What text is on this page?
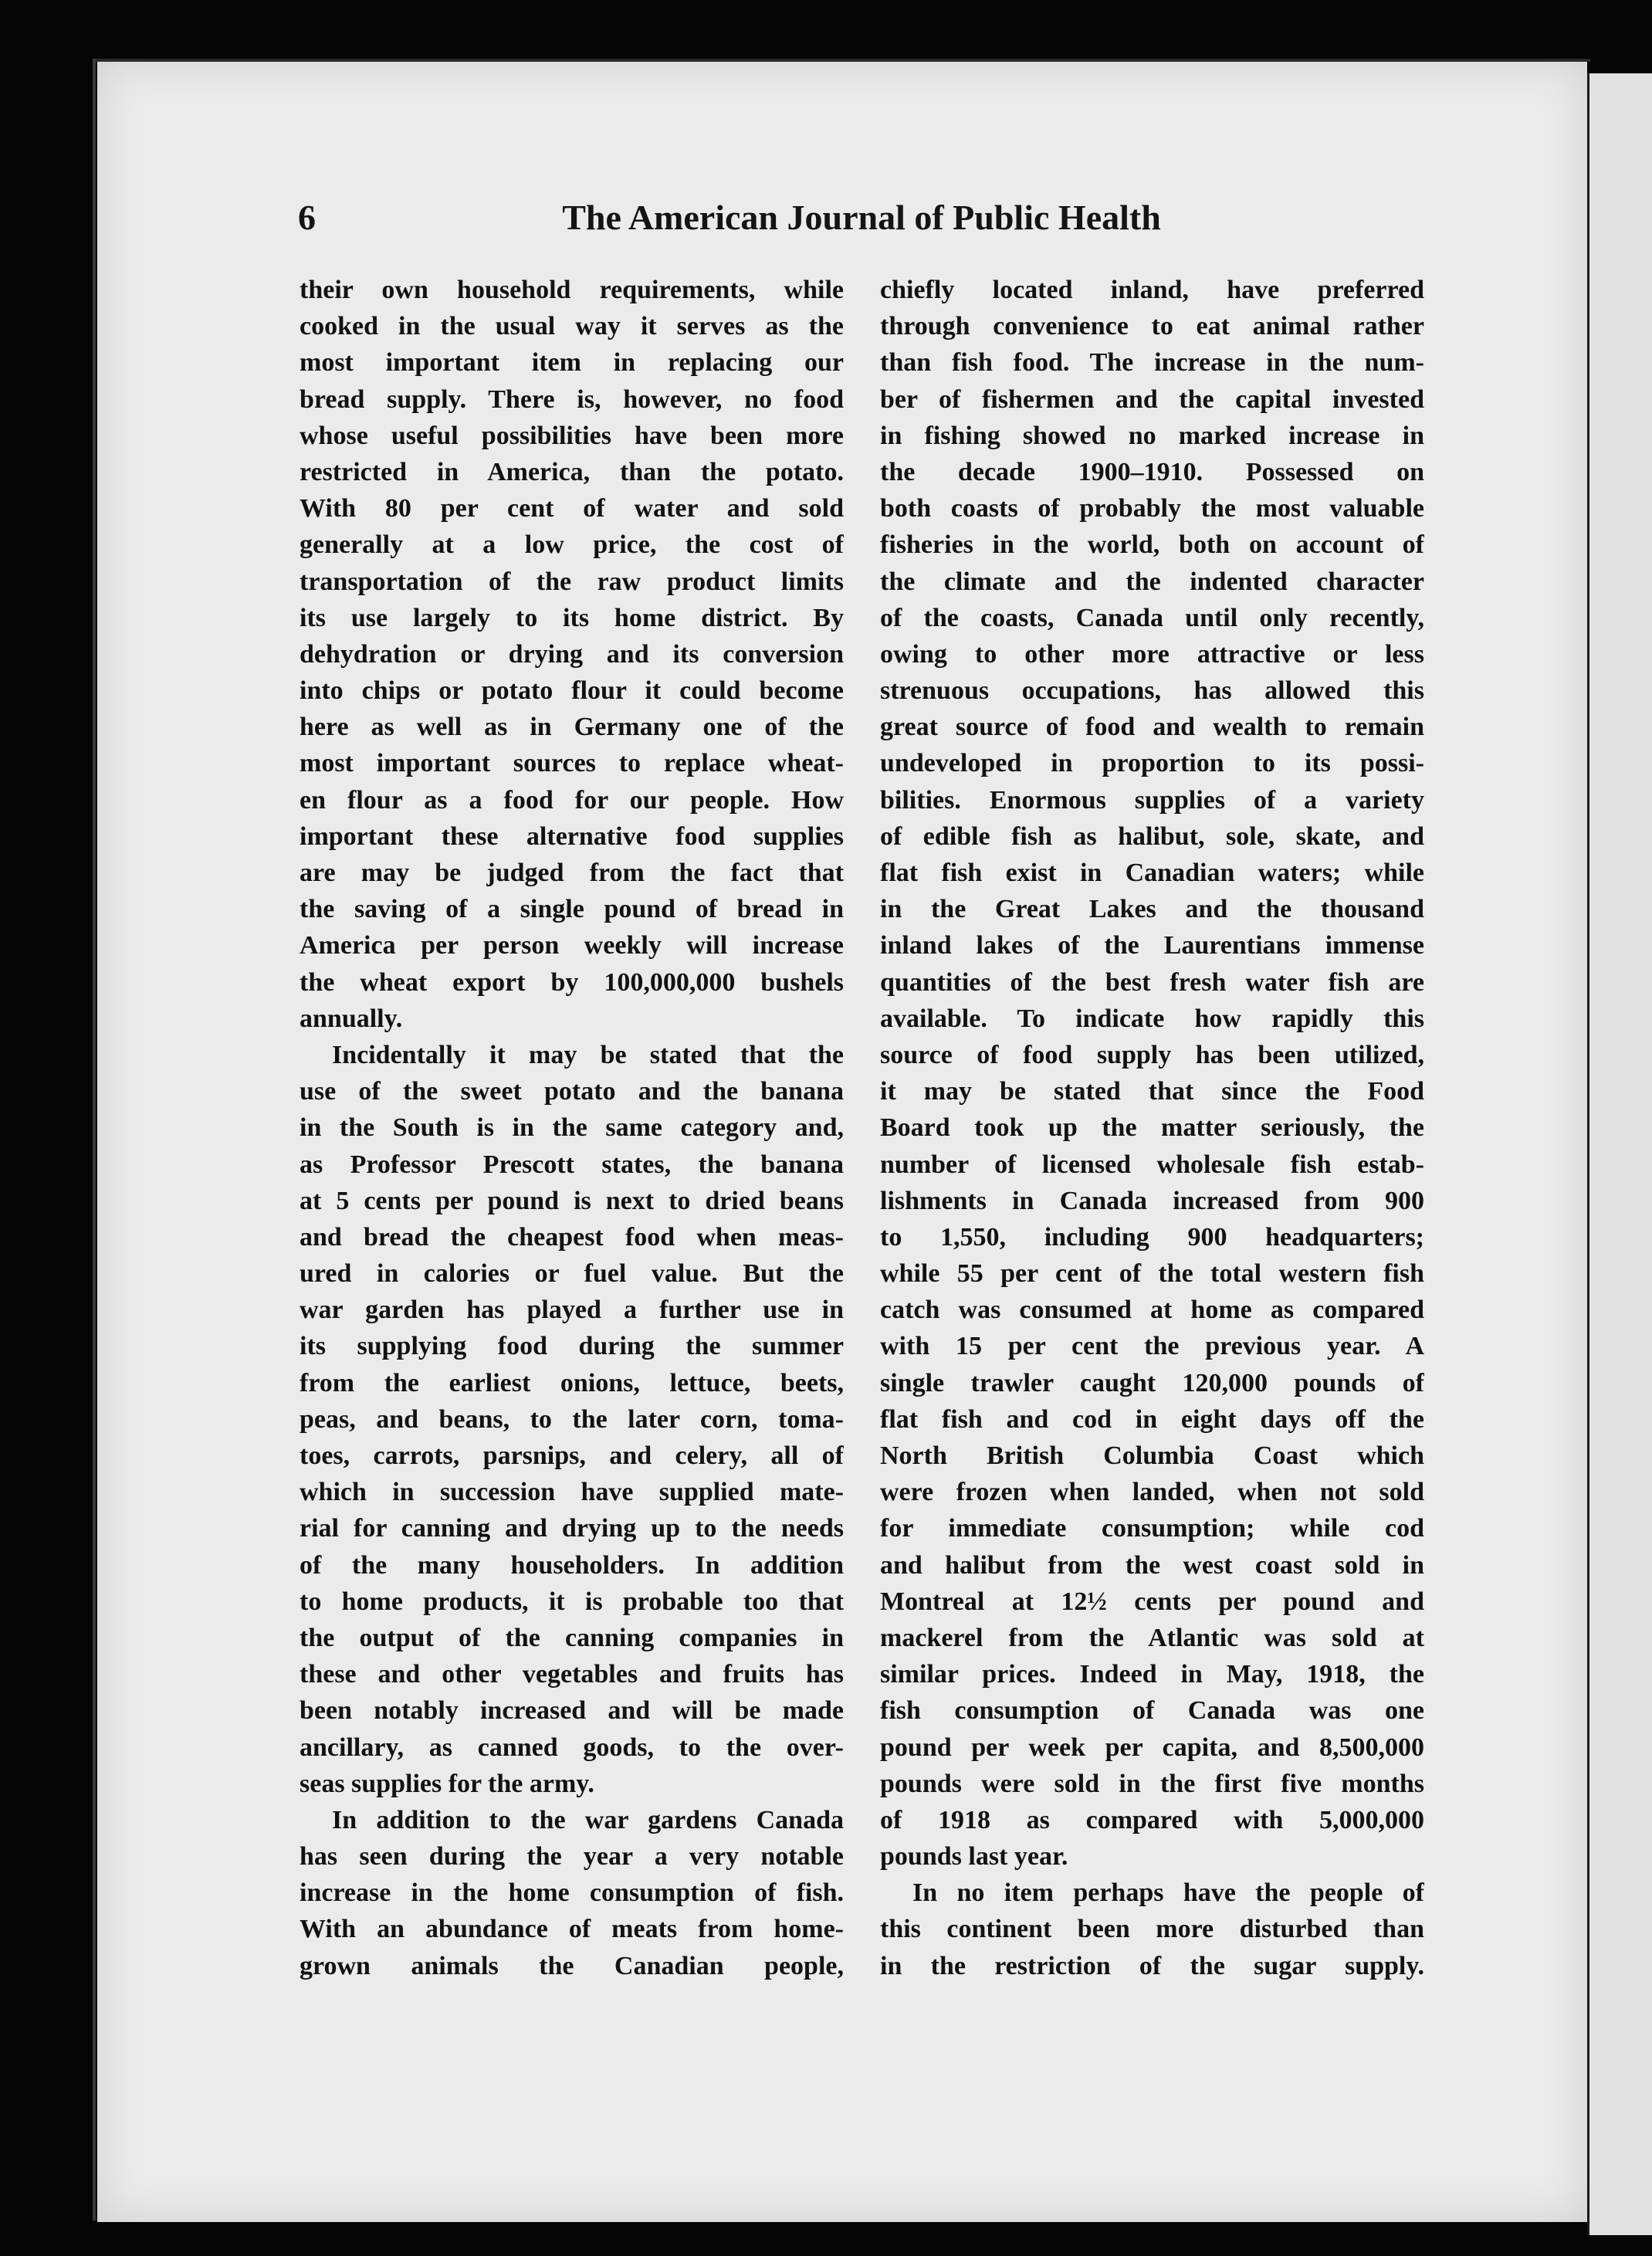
6	The American Journal of Public Health
their own household requirements, while
cooked in the usual way it serves as the
most important item in replacing our
bread supply. There is, however, no food
whose useful possibilities have been more
restricted in America, than the potato.
With 80 per cent of water and sold
generally at a low price, the cost of
transportation of the raw product limits
its use largely to its home district. By
dehydration or drying and its conversion
into chips or potato flour it could become
here as well as in Germany one of the
most important sources to replace wheat-
en flour as a food for our people. How
important these alternative food supplies
are may be judged from the fact that
the saving of a single pound of bread in
America per person weekly will increase
the wheat export by 100,000,000 bushels
annually.
Incidentally it may be stated that the
use of the sweet potato and the banana
in the South is in the same category and,
as Professor Prescott states, the banana
at 5 cents per pound is next to dried beans
and bread the cheapest food when meas-
ured in calories or fuel value. But the
war garden has played a further use in
its supplying food during the summer
from the earliest onions, lettuce, beets,
peas, and beans, to the later corn, toma-
toes, carrots, parsnips, and celery, all of
which in succession have supplied mate-
rial for canning and drying up to the needs
of the many householders. In addition
to home products, it is probable too that
the output of the canning companies in
these and other vegetables and fruits has
been notably increased and will be made
ancillary, as canned goods, to the over-
seas supplies for the army.
In addition to the war gardens Canada
has seen during the year a very notable
increase in the home consumption of fish.
With an abundance of meats from home-
grown animals the Canadian people,
chiefly located inland, have preferred
through convenience to eat animal rather
than fish food. The increase in the num-
ber of fishermen and the capital invested
in fishing showed no marked increase in
the decade 1900–1910. Possessed on
both coasts of probably the most valuable
fisheries in the world, both on account of
the climate and the indented character
of the coasts, Canada until only recently,
owing to other more attractive or less
strenuous occupations, has allowed this
great source of food and wealth to remain
undeveloped in proportion to its possi-
bilities. Enormous supplies of a variety
of edible fish as halibut, sole, skate, and
flat fish exist in Canadian waters; while
in the Great Lakes and the thousand
inland lakes of the Laurentians immense
quantities of the best fresh water fish are
available. To indicate how rapidly this
source of food supply has been utilized,
it may be stated that since the Food
Board took up the matter seriously, the
number of licensed wholesale fish estab-
lishments in Canada increased from 900
to 1,550, including 900 headquarters;
while 55 per cent of the total western fish
catch was consumed at home as compared
with 15 per cent the previous year. A
single trawler caught 120,000 pounds of
flat fish and cod in eight days off the
North British Columbia Coast which
were frozen when landed, when not sold
for immediate consumption; while cod
and halibut from the west coast sold in
Montreal at 12½ cents per pound and
mackerel from the Atlantic was sold at
similar prices. Indeed in May, 1918, the
fish consumption of Canada was one
pound per week per capita, and 8,500,000
pounds were sold in the first five months
of 1918 as compared with 5,000,000
pounds last year.
In no item perhaps have the people of
this continent been more disturbed than
in the restriction of the sugar supply.
